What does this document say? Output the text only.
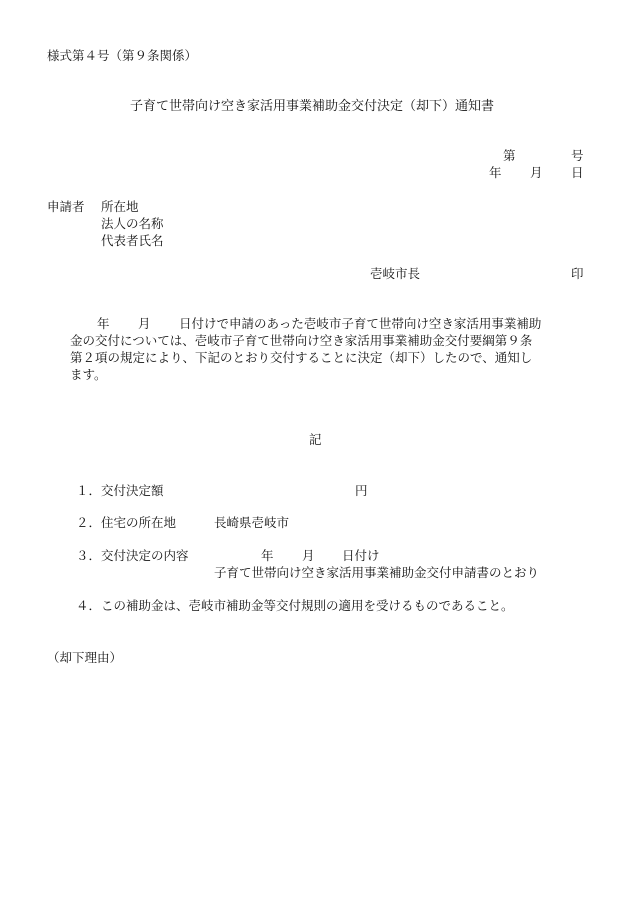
様式第４号（第９条関係）
子育て世帯向け空き家活用事業補助金交付決定（却下）通知書
第	号
年 月 日
申請者 所在地
法人の名称
代表者氏名
壱岐市長	印
年 月 日付けで申請のあった壱岐市子育て世帯向け空き家活用事業補助
金の交付については、壱岐市子育て世帯向け空き家活用事業補助金交付要綱第９条
第２項の規定により、下記のとおり交付することに決定（却下）したので、通知し
ます。
記
１． 交付決定額	円
２． 住宅の所在地	長崎県壱岐市
３． 交付決定の内容	年 月 日付け
子育て世帯向け空き家活用事業補助金交付申請書のとおり
４． この補助金は、壱岐市補助金等交付規則の適用を受けるものであること。
（却下理由）
